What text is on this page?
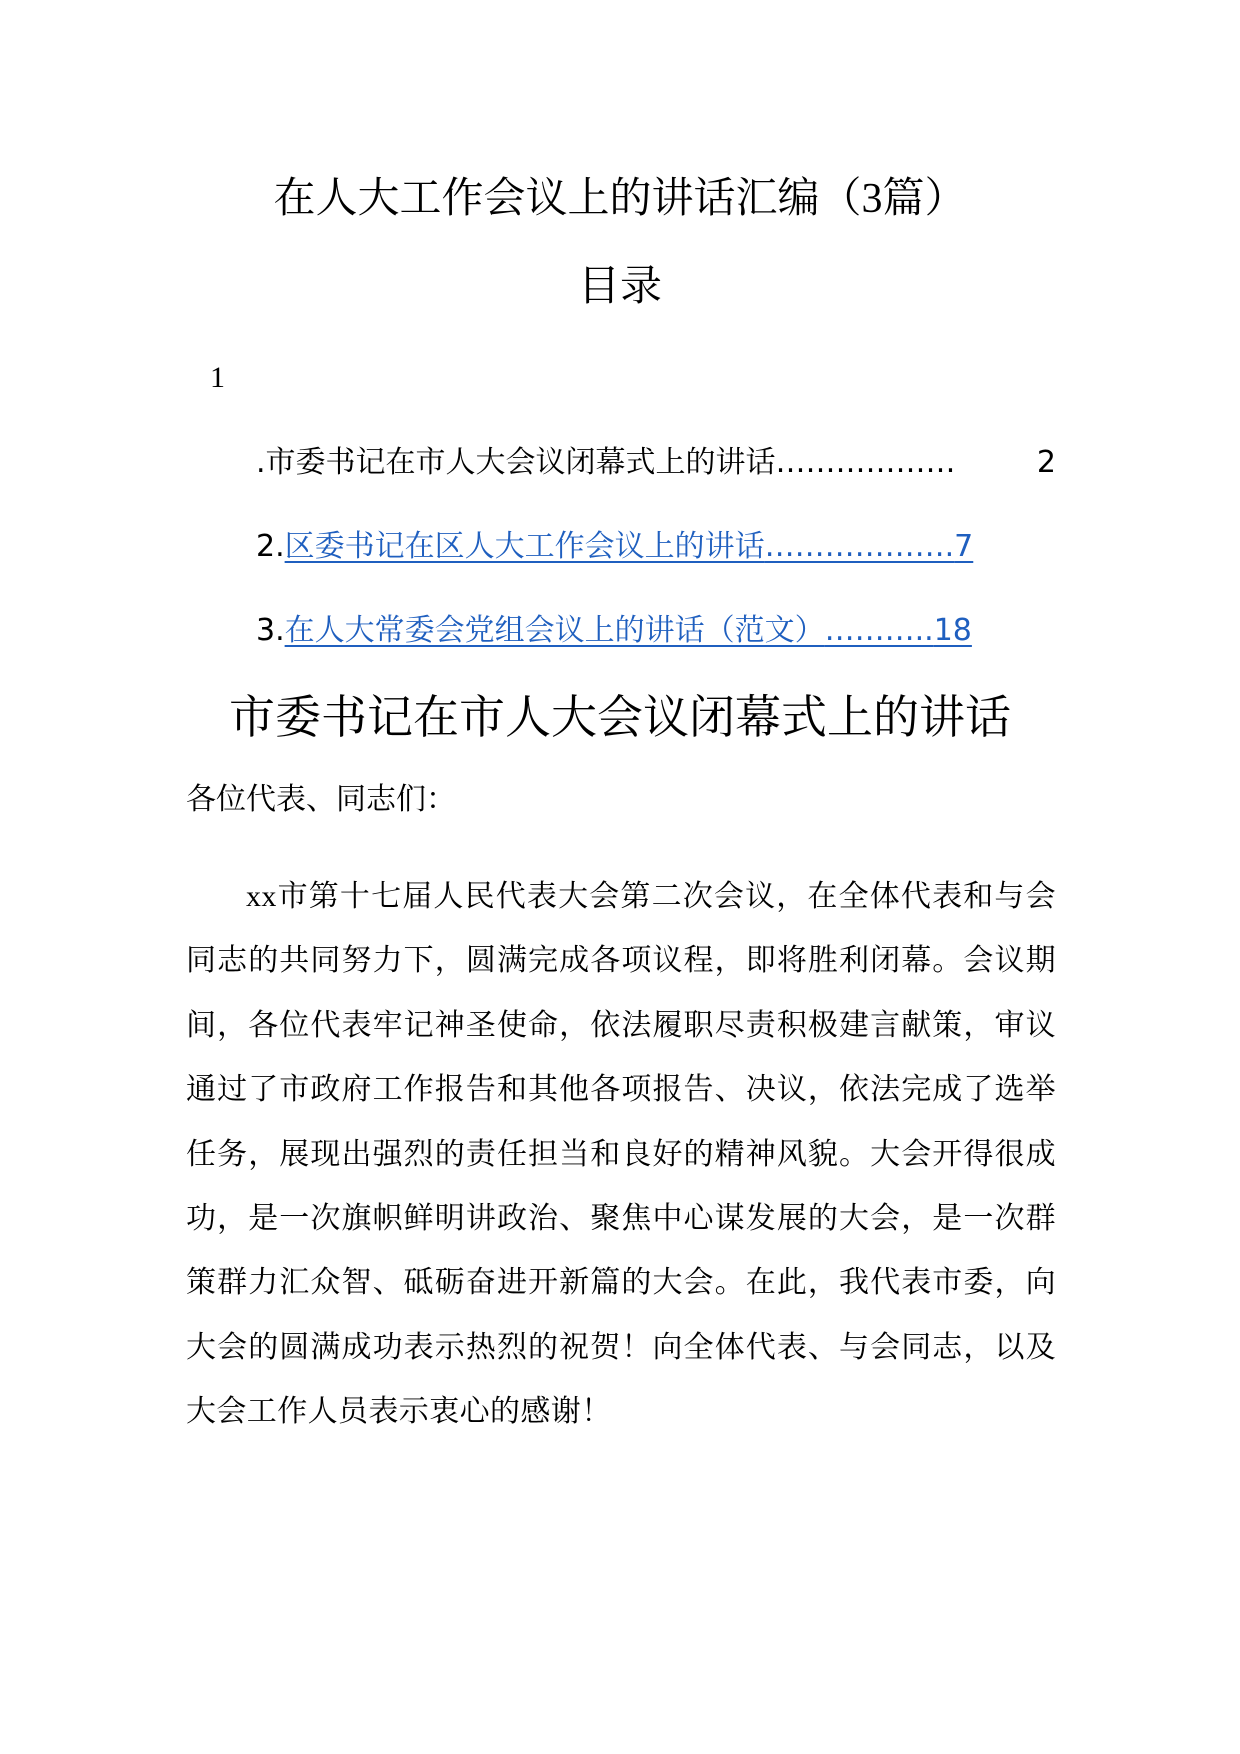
在人大工作会议上的讲话汇编（3篇）
目录
1
. 市委书记在市人大会议闭幕式上的讲话 ………………	2
2. 区委书记在区人大工作会议上的讲话……………….7
3. 在人大常委会党组会议上的讲话（范文）………..18
市委书记在市人大会议闭幕式上的讲话

各位代表、同志们：

xx市第十七届人民代表大会第二次会议，在全体代表和与会同志的共同努力下，圆满完成各项议程，即将胜利闭幕。会议期间，各位代表牢记神圣使命，依法履职尽责积极建言献策，审议通过了市政府工作报告和其他各项报告、决议，依法完成了选举任务，展现出强烈的责任担当和良好的精神风貌。大会开得很成功，是一次旗帜鲜明讲政治、聚焦中心谋发展的大会，是一次群策群力汇众智、砥砺奋进开新篇的大会。在此，我代表市委，向大会的圆满成功表示热烈的祝贺！向全体代表、与会同志，以及大会工作人员表示衷心的感谢！
